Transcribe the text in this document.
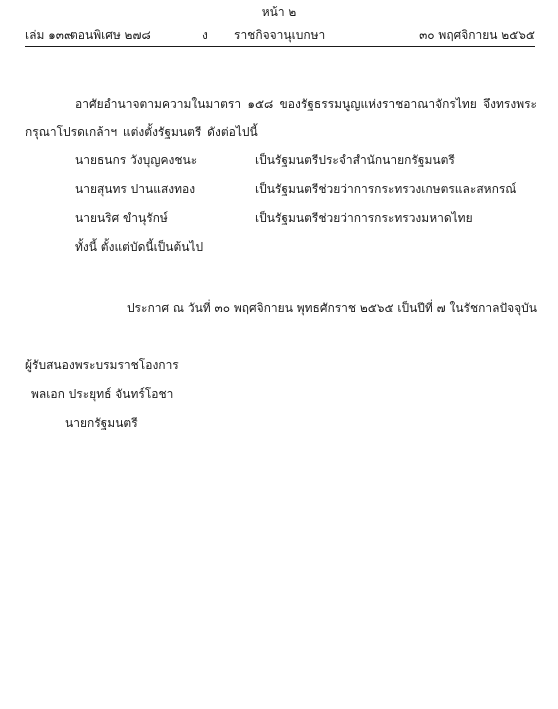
หน้า ๒
เล่ม ๑๓๙
ตอนพิเศษ ๒๗๘	ง ราชกิจจานุเบกษา	๓๐ พฤศจิกายน ๒๕๖๕
อาศัยอำนาจตามความในมาตรา ๑๕๘ ของรัฐธรรมนูญแห่งราชอาณาจักรไทย จึงทรงพระกรุณาโปรดเกล้าฯ แต่งตั้งรัฐมนตรี ดังต่อไปนี้
นายธนกร วังบุญคงชนะ	เป็นรัฐมนตรีประจำสำนักนายกรัฐมนตรี
นายสุนทร ปานแสงทอง	เป็นรัฐมนตรีช่วยว่าการกระทรวงเกษตรและสหกรณ์
นายนริศ ขำนุรักษ์	เป็นรัฐมนตรีช่วยว่าการกระทรวงมหาดไทย
ทั้งนี้ ตั้งแต่บัดนี้เป็นต้นไป
ประกาศ ณ วันที่ ๓๐ พฤศจิกายน พุทธศักราช ๒๕๖๕ เป็นปีที่ ๗ ในรัชกาลปัจจุบัน
ผู้รับสนองพระบรมราชโองการ
พลเอก ประยุทธ์ จันทร์โอชา
นายกรัฐมนตรี
